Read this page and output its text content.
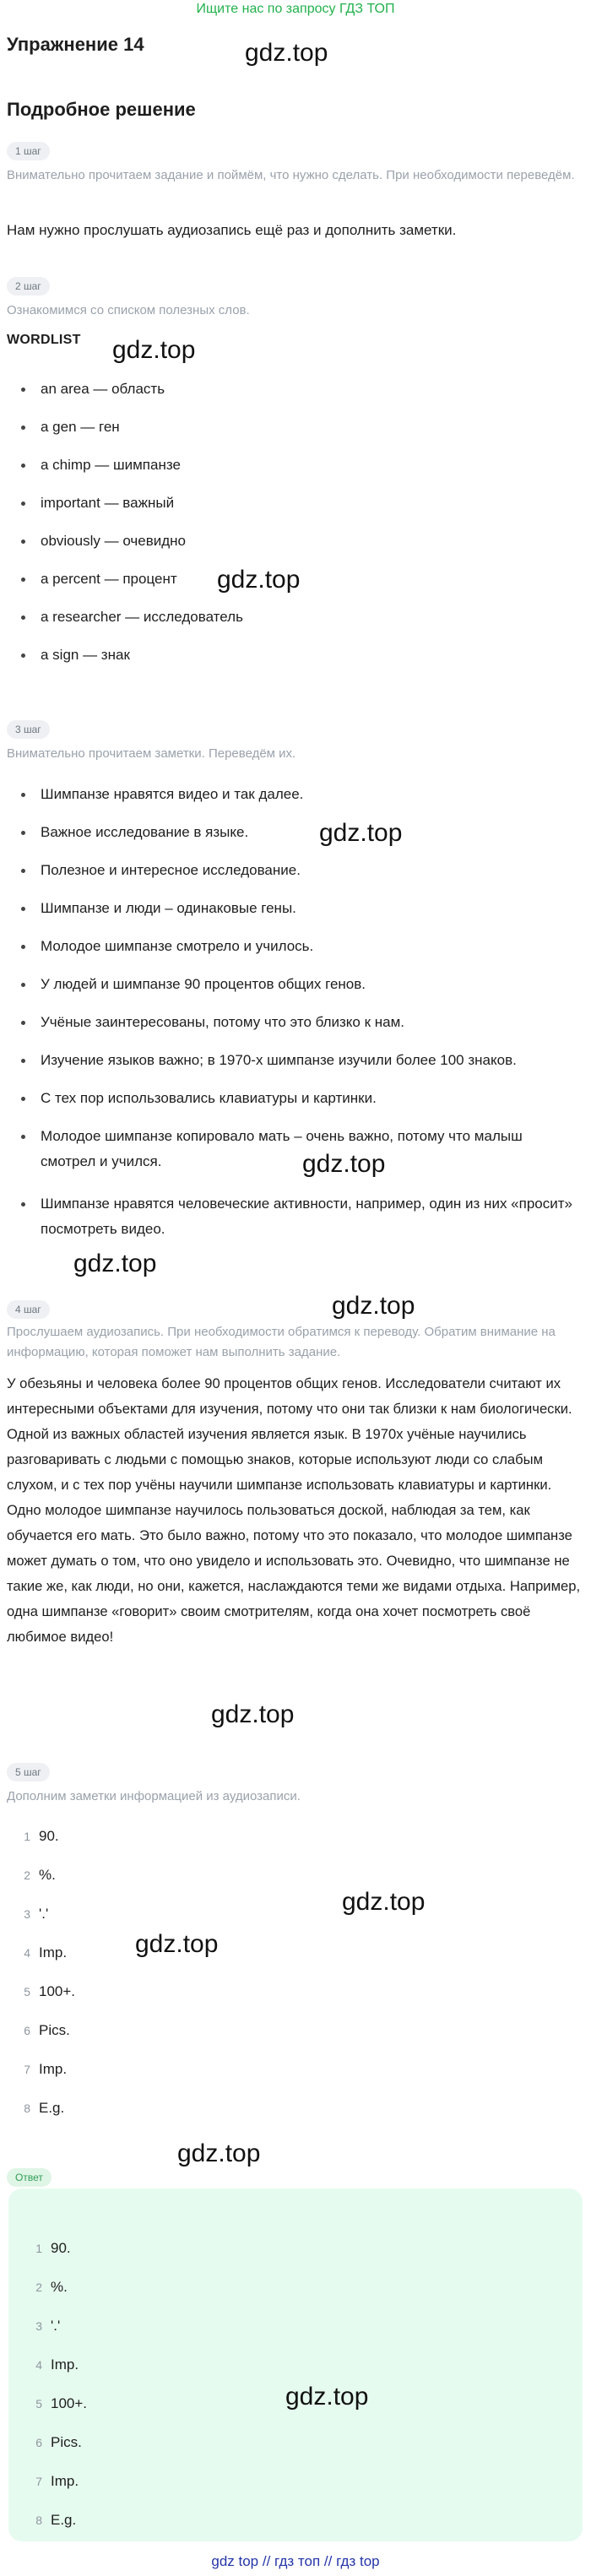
Ищите нас по запросу ГДЗ ТОП
Упражнение 14	gdz.top
Подробное решение
1 шаг
Внимательно прочитаем задание и поймём, что нужно сделать. При необходимости переведём.
Нам нужно прослушать аудиозапись ещё раз и дополнить заметки.
2 шаг
Ознакомимся со списком полезных слов.
WORDLIST gdz.top
an area — область
a gen — ген
a chimp — шимпанзе
important — важный
obviously — очевидно
a percent — процент
a researcher — исследователь
a sign — знак
gdz.top
3 шаг
Внимательно прочитаем заметки. Переведём их.
Шимпанзе нравятся видео и так далее.
Важное исследование в языке.
Полезное и интересное исследование.
Шимпанзе и люди – одинаковые гены.
Молодое шимпанзе смотрело и училось.
У людей и шимпанзе 90 процентов общих генов.
Учёные заинтересованы, потому что это близко к нам.
Изучение языков важно; в 1970-х шимпанзе изучили более 100 знаков.
С тех пор использовались клавиатуры и картинки.
Молодое шимпанзе копировало мать – очень важно, потому что малыш смотрел и учился.
Шимпанзе нравятся человеческие активности, например, один из них «просит» посмотреть видео.
gdz.top
gdz.top
gdz.top
gdz.top
4 шаг
Прослушаем аудиозапись. При необходимости обратимся к переводу. Обратим внимание на информацию, которая поможет нам выполнить задание.
У обезьяны и человека более 90 процентов общих генов. Исследователи считают их интересными объектами для изучения, потому что они так близки к нам биологически. Одной из важных областей изучения является язык. В 1970х учёные научились разговаривать с людьми с помощью знаков, которые используют люди со слабым слухом, и с тех пор учёны научили шимпанзе использовать клавиатуры и картинки. Одно молодое шимпанзе научилось пользоваться доской, наблюдая за тем, как обучается его мать. Это было важно, потому что это показало, что молодое шимпанзе может думать о том, что оно увидело и использовать это. Очевидно, что шимпанзе не такие же, как люди, но они, кажется, наслаждаются теми же видами отдыха. Например, одна шимпанзе «говорит» своим смотрителям, когда она хочет посмотреть своё любимое видео!
gdz.top
5 шаг
Дополним заметки информацией из аудиозаписи.
1 90.
2 %.
3 '.'
4 Imp.
5 100+.
6 Pics.
7 Imp.
8 E.g.
gdz.top
gdz.top
gdz.top
Ответ
1 90.
2 %.
3 '.'
4 Imp.
5 100+.
6 Pics.
7 Imp.
8 E.g.
gdz.top
gdz top // гдз топ // гдз top
